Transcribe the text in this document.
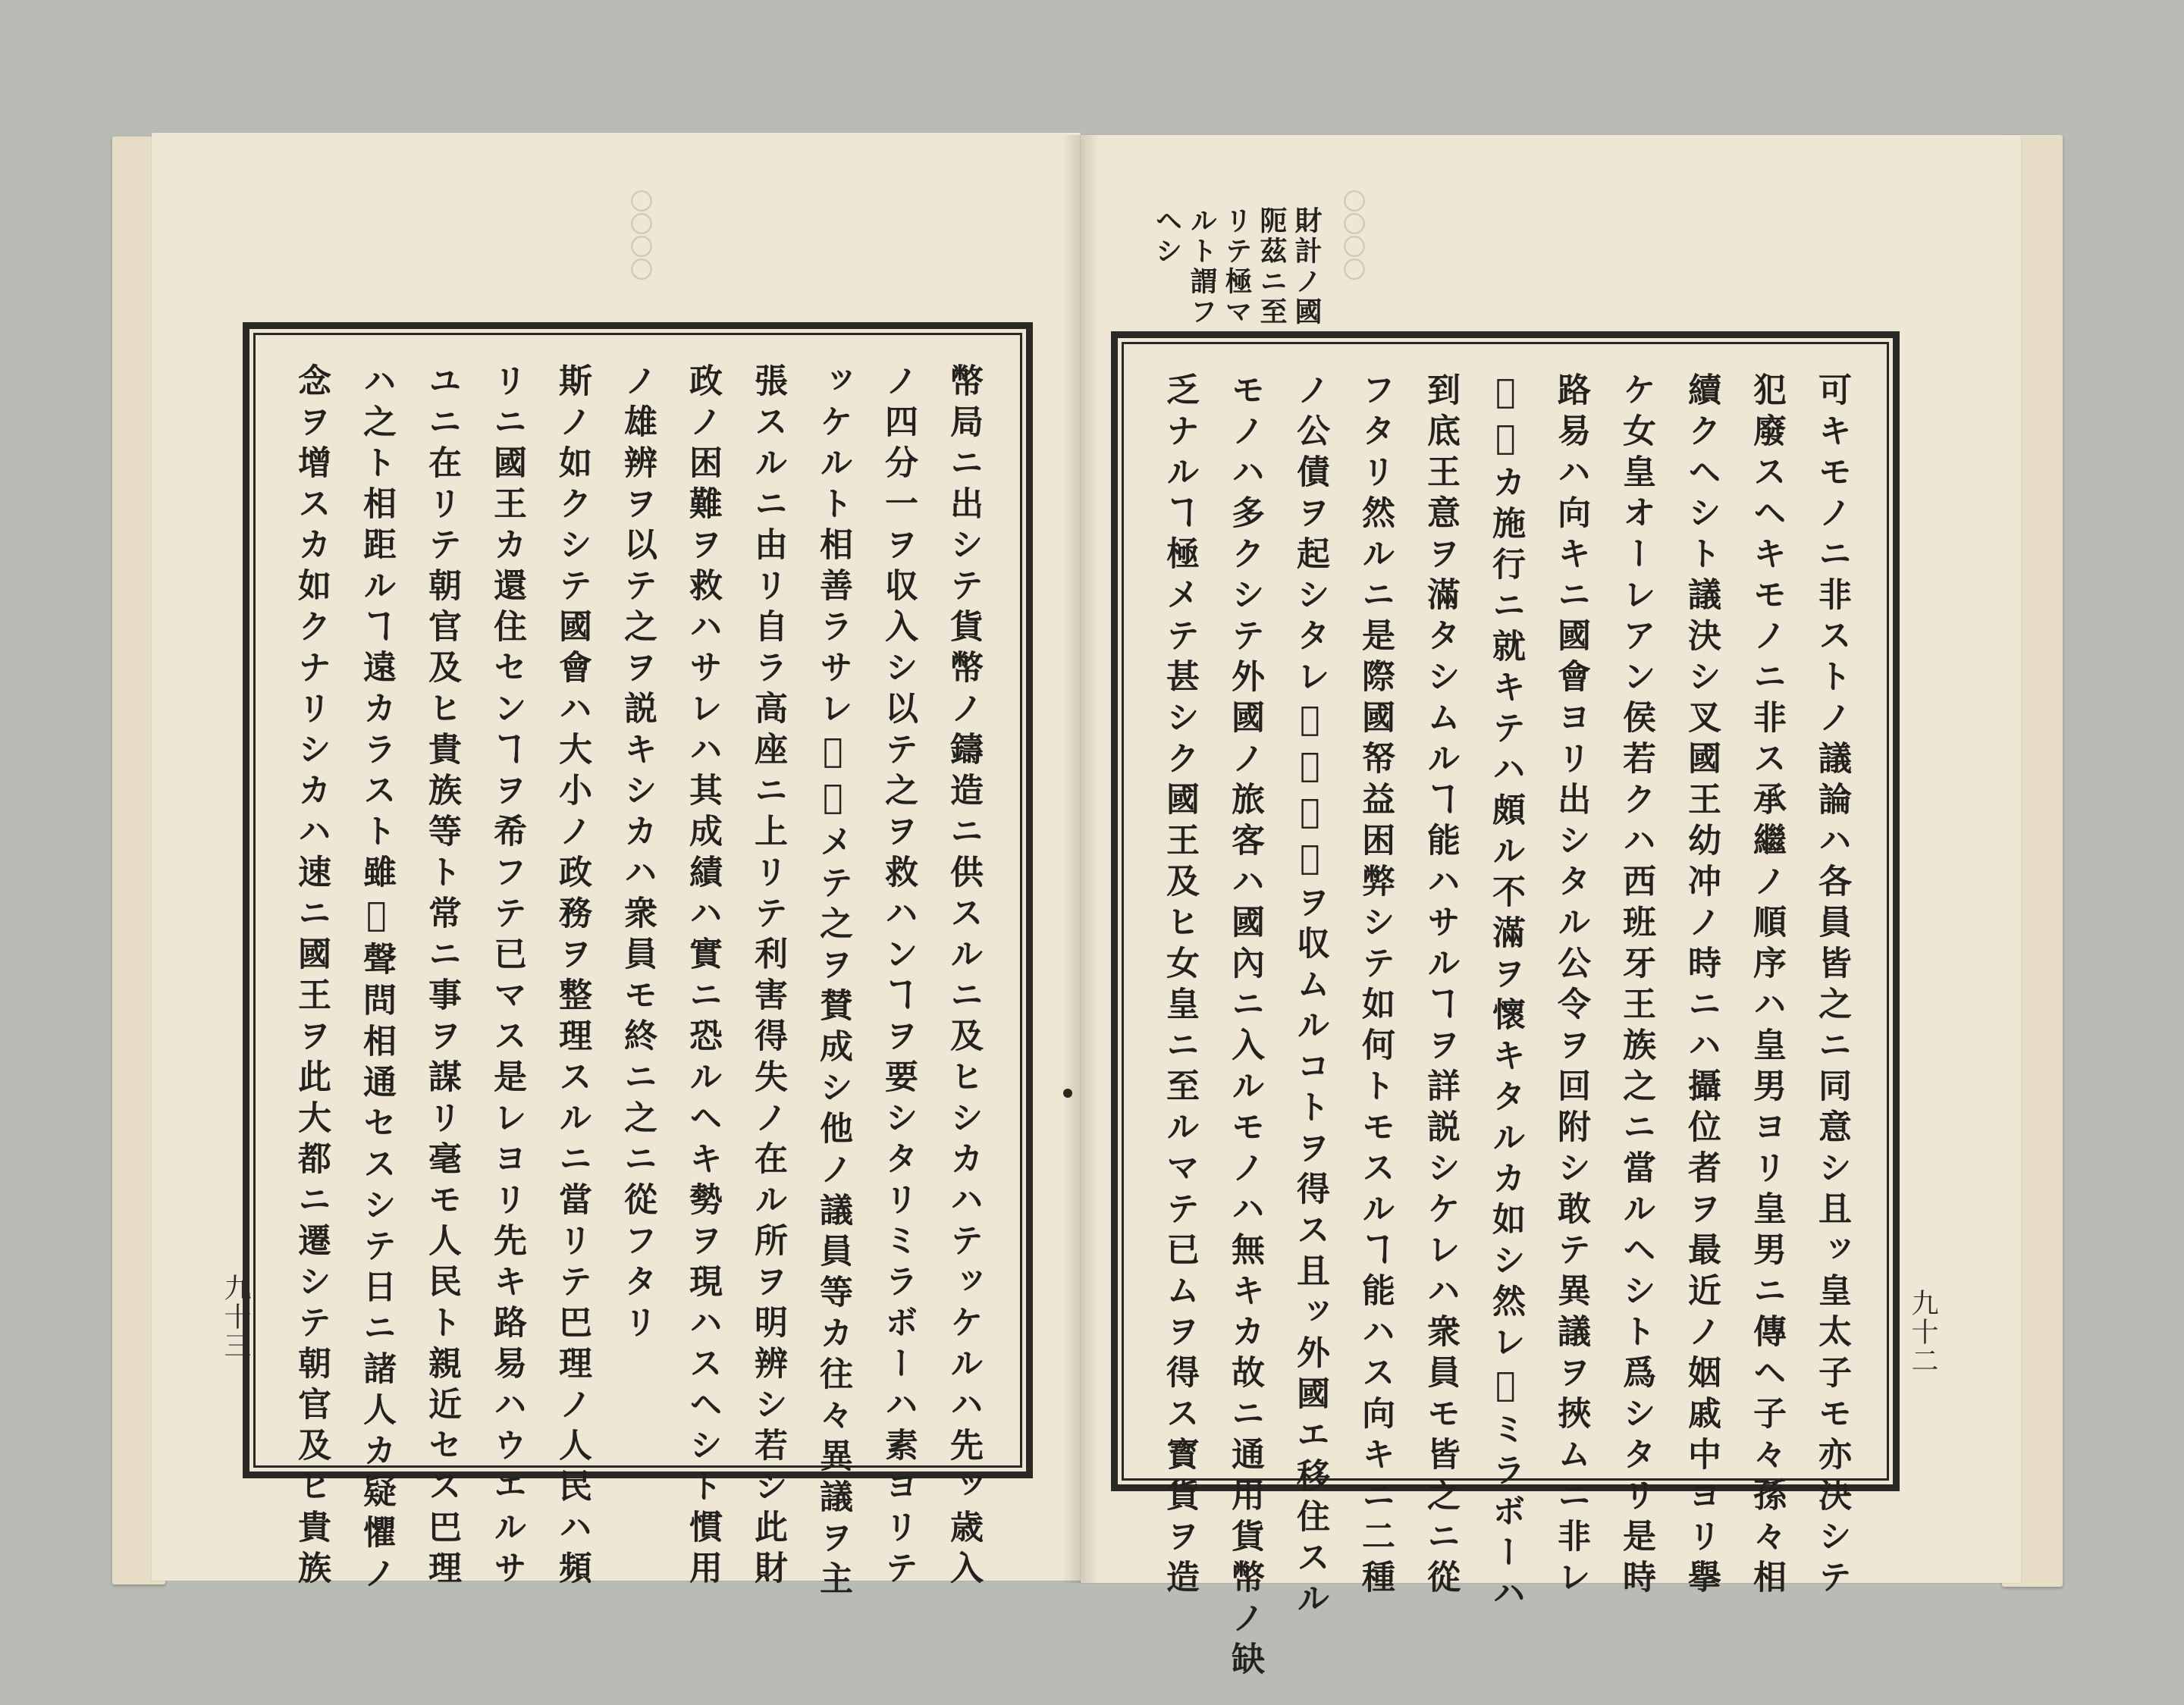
〇〇〇〇	〇〇〇〇
幣局ニ出シテ貨幣ノ鑄造ニ供スルニ及ヒシカハテッケルハ先ッ歳入
ノ四分一ヲ収入シ以テ之ヲ救ハンヿヲ要シタリミラボーハ素ヨリテ
ッケルト相善ラサレ𪜈力メテ之ヲ賛成シ他ノ議員等カ往々異議ヲ主
張スルニ由リ自ラ高座ニ上リテ利害得失ノ在ル所ヲ明辨シ若シ此財
政ノ困難ヲ救ハサレハ其成績ハ實ニ恐ルヘキ勢ヲ現ハスヘシト慣用
ノ雄辨ヲ以テ之ヲ説キシカハ衆員モ終ニ之ニ從フタリ
斯ノ如クシテ國會ハ大小ノ政務ヲ整理スルニ當リテ巴理ノ人民ハ頻
リニ國王カ還住センヿヲ希フテ已マス是レヨリ先キ路易ハウエルサ
ユニ在リテ朝官及ヒ貴族等ト常ニ事ヲ謀リ毫モ人民ト親近セス巴理
ハ之ト相距ルヿ遠カラスト雖𪜈聲問相通セスシテ日ニ諸人カ疑懼ノ
念ヲ增スカ如クナリシカハ速ニ國王ヲ此大都ニ遷シテ朝官及ヒ貴族
九十三
財計ノ國
阨茲ニ至
リテ極マ
ルト謂フ
ヘシ
可キモノニ非ストノ議論ハ各員皆之ニ同意シ且ッ皇太子モ亦決シテ
犯廢スヘキモノニ非ス承繼ノ順序ハ皇男ヨリ皇男ニ傳ヘ子々孫々相
續クヘシト議決シ叉國王幼冲ノ時ニハ攝位者ヲ最近ノ姻戚中ヨリ擧
ケ女皇オーレアン侯若クハ西班牙王族之ニ當ルヘシト爲シタリ是時
路易ハ向キニ國會ヨリ出シタル公令ヲ回附シ敢テ異議ヲ挾ムニ非レ
𪜈之カ施行ニ就キテハ頗ル不滿ヲ懷キタルカ如シ然レ𪜈ミラボーハ
到底王意ヲ滿タシムルヿ能ハサルヿヲ詳説シケレハ衆員モ皆之ニ從
フタリ然ルニ是際國帑益困弊シテ如何トモスルヿ能ハス向キニ二種
ノ公債ヲ起シタレ𪜈好成績ヲ収ムルコトヲ得ス且ッ外國エ移住スル
モノハ多クシテ外國ノ旅客ハ國內ニ入ルモノハ無キカ故ニ通用貨幣ノ缺
乏ナルヿ極メテ甚シク國王及ヒ女皇ニ至ルマテ已ムヲ得ス寳貨ヲ造	九十二
